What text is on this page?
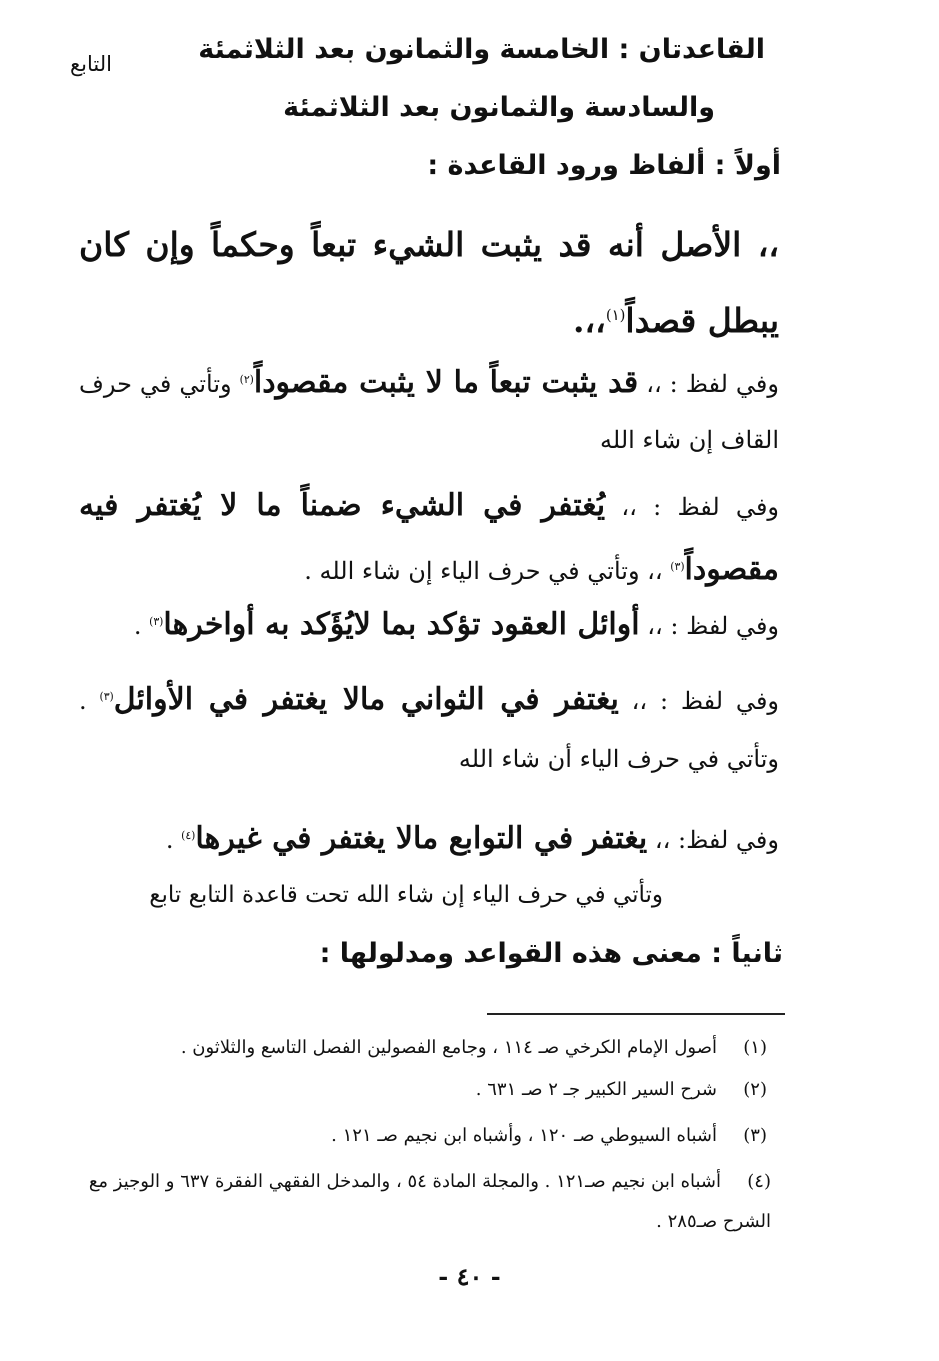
التابع	القاعدتان : الخامسة والثمانون بعد الثلاثمئة
والسادسة والثمانون بعد الثلاثمئة
أولاً : ألفاظ ورود القاعدة :
،، الأصل أنه قد يثبت الشيء تبعاً وحكماً وإن كان يبطل قصداً$^{(١)}$،،.
وفي لفظ : ،، قد يثبت تبعاً ما لا يثبت مقصوداً$^{(٢)}$ وتأتي في حرف القاف إن شاء الله
وفي لفظ : ،، يُغتفر في الشيء ضمناً ما لا يُغتفر فيه مقصوداً$^{(٣)}$ ،، وتأتي في حرف الياء إن شاء الله .
وفي لفظ : ،، أوائل العقود تؤكد بما لايُؤَكد به أواخرها$^{(٣)}$ .
وفي لفظ : ،، يغتفر في الثواني مالا يغتفر في الأوائل$^{(٣)}$ . وتأتي في حرف الياء أن شاء الله
وفي لفظ: ،، يغتفر في التوابع مالا يغتفر في غيرها$^{(٤)}$ .
وتأتي في حرف الياء إن شاء الله تحت قاعدة التابع تابع
ثانياً : معنى هذه القواعد ومدلولها :
(١)أصول الإمام الكرخي صـ ١١٤ ، وجامع الفصولين الفصل التاسع والثلاثون .
(٢)شرح السير الكبير جـ ٢ صـ ٦٣١ .
(٣)أشباه السيوطي صـ ١٢٠ ، وأشباه ابن نجيم صـ ١٢١ .
(٤)أشباه ابن نجيم صـ١٢١ . والمجلة المادة ٥٤ ، والمدخل الفقهي الفقرة ٦٣٧ و الوجيز مع الشرح صـ٢٨٥ .
- ٤٠ -
